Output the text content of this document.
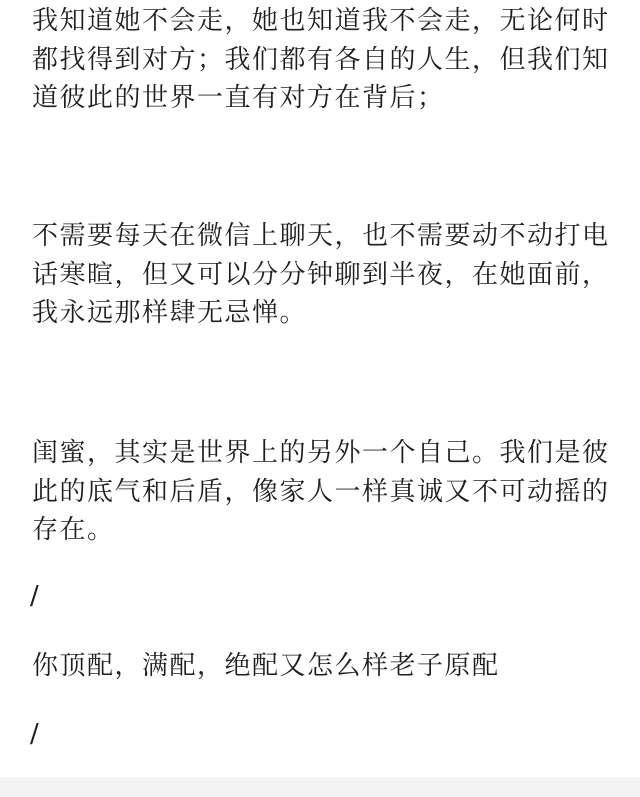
我知道她不会走，她也知道我不会走，无论何时都找得到对方；我们都有各自的人生，但我们知道彼此的世界一直有对方在背后；

不需要每天在微信上聊天，也不需要动不动打电话寒暄，但又可以分分钟聊到半夜，在她面前，我永远那样肆无忌惮。

闺蜜，其实是世界上的另外一个自己。我们是彼此的底气和后盾，像家人一样真诚又不可动摇的存在。

/

你顶配，满配，绝配又怎么样老子原配

/
